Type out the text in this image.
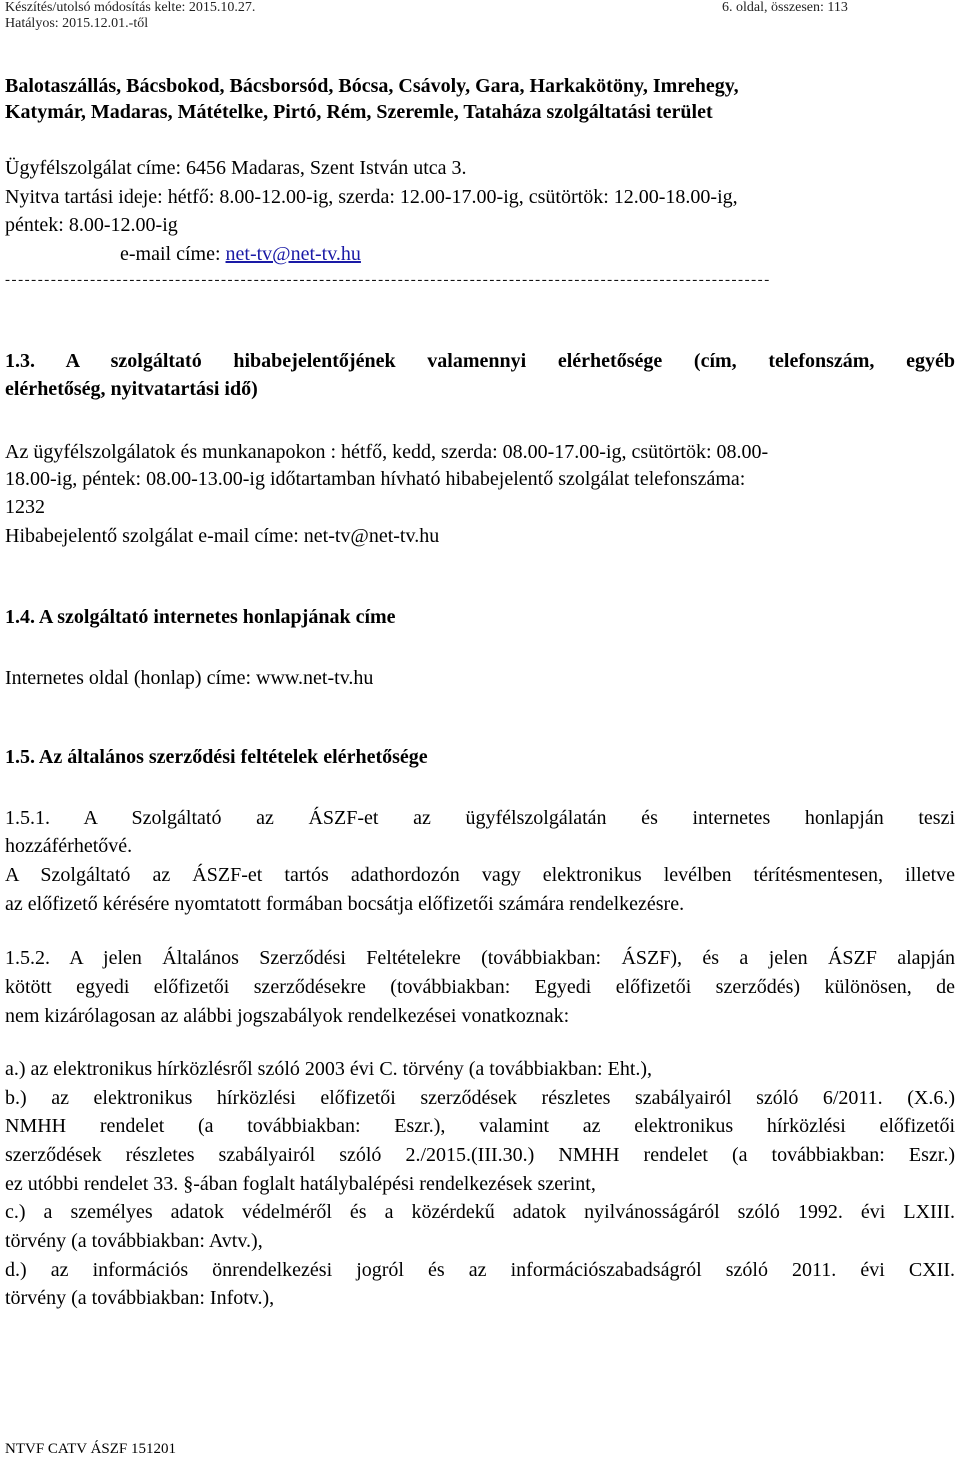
Készítés/utolsó módosítás kelte: 2015.10.27.
Hatályos: 2015.12.01.-től
6. oldal, összesen: 113
Balotaszállás, Bácsbokod, Bácsborsód, Bócsa, Csávoly, Gara, Harkakötöny, Imrehegy,
Katymár, Madaras, Mátételke, Pirtó, Rém, Szeremle, Tataháza szolgáltatási terület
Ügyfélszolgálat címe: 6456 Madaras, Szent István utca 3.
Nyitva tartási ideje: hétfő: 8.00-12.00-ig, szerda: 12.00-17.00-ig, csütörtök: 12.00-18.00-ig,
péntek: 8.00-12.00-ig
e-mail címe: net-tv@net-tv.hu
---------------------------------------------------------------------------------------------------------------------
1.3. A szolgáltató hibabejelentőjének valamennyi elérhetősége (cím, telefonszám, egyéb
elérhetőség, nyitvatartási idő)
Az ügyfélszolgálatok és munkanapokon : hétfő, kedd, szerda: 08.00-17.00-ig, csütörtök: 08.00-
18.00-ig, péntek: 08.00-13.00-ig időtartamban hívható hibabejelentő szolgálat telefonszáma:
1232
Hibabejelentő szolgálat e-mail címe: net-tv@net-tv.hu
1.4. A szolgáltató internetes honlapjának címe
Internetes oldal (honlap) címe: www.net-tv.hu
1.5. Az általános szerződési feltételek elérhetősége
1.5.1. A Szolgáltató az ÁSZF-et az ügyfélszolgálatán és internetes honlapján teszi
hozzáférhetővé.
A Szolgáltató az ÁSZF-et tartós adathordozón vagy elektronikus levélben térítésmentesen, illetve
az előfizető kérésére nyomtatott formában bocsátja előfizetői számára rendelkezésre.
1.5.2. A jelen Általános Szerződési Feltételekre (továbbiakban: ÁSZF), és a jelen ÁSZF alapján
kötött egyedi előfizetői szerződésekre (továbbiakban: Egyedi előfizetői szerződés) különösen, de
nem kizárólagosan az alábbi jogszabályok rendelkezései vonatkoznak:
a.) az elektronikus hírközlésről szóló 2003 évi C. törvény (a továbbiakban: Eht.),
b.) az elektronikus hírközlési előfizetői szerződések részletes szabályairól szóló 6/2011. (X.6.)
NMHH rendelet (a továbbiakban: Eszr.), valamint az elektronikus hírközlési előfizetői
szerződések részletes szabályairól szóló 2./2015.(III.30.) NMHH rendelet (a továbbiakban: Eszr.)
ez utóbbi rendelet 33. §-ában foglalt hatálybalépési rendelkezések szerint,
c.) a személyes adatok védelméről és a közérdekű adatok nyilvánosságáról szóló 1992. évi LXIII.
törvény (a továbbiakban: Avtv.),
d.) az információs önrendelkezési jogról és az információszabadságról szóló 2011. évi CXII.
törvény (a továbbiakban: Infotv.),
NTVF CATV ÁSZF 151201
